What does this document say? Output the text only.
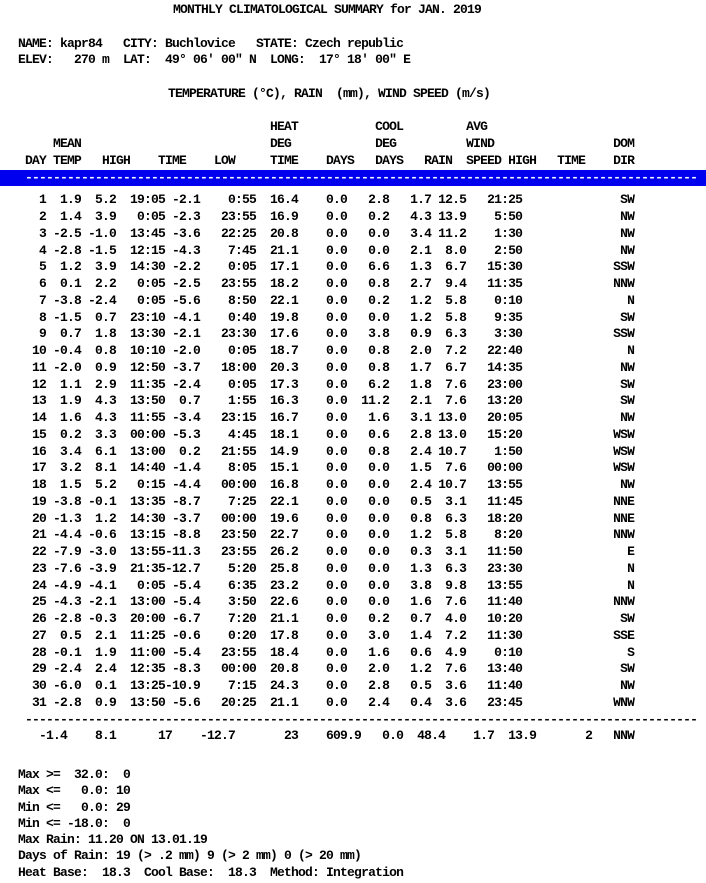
MONTHLY CLIMATOLOGICAL SUMMARY for JAN. 2019
NAME: kapr84   CITY: Buchlovice   STATE: Czech republic
ELEV:   270 m  LAT:  49° 06' 00" N  LONG:  17° 18' 00" E
TEMPERATURE (°C), RAIN  (mm), WIND SPEED (m/s)
HEAT           COOL         AVG
MEAN                           DEG            DEG          WIND                 DOM
DAY TEMP   HIGH    TIME    LOW     TIME    DAYS   DAYS   RAIN  SPEED HIGH   TIME    DIR
------------------------------------------------------------------------------------------------
1  1.9  5.2  19:05 -2.1    0:55  16.4    0.0   2.8   1.7 12.5   21:25              SW
2  1.4  3.9   0:05 -2.3   23:55  16.9    0.0   0.2   4.3 13.9    5:50              NW
3 -2.5 -1.0  13:45 -3.6   22:25  20.8    0.0   0.0   3.4 11.2    1:30              NW
4 -2.8 -1.5  12:15 -4.3    7:45  21.1    0.0   0.0   2.1  8.0    2:50              NW
5  1.2  3.9  14:30 -2.2    0:05  17.1    0.0   6.6   1.3  6.7   15:30             SSW
6  0.1  2.2   0:05 -2.5   23:55  18.2    0.0   0.8   2.7  9.4   11:35             NNW
7 -3.8 -2.4   0:05 -5.6    8:50  22.1    0.0   0.2   1.2  5.8    0:10               N
8 -1.5  0.7  23:10 -4.1    0:40  19.8    0.0   0.0   1.2  5.8    9:35              SW
9  0.7  1.8  13:30 -2.1   23:30  17.6    0.0   3.8   0.9  6.3    3:30             SSW
10 -0.4  0.8  10:10 -2.0    0:05  18.7    0.0   0.8   2.0  7.2   22:40               N
11 -2.0  0.9  12:50 -3.7   18:00  20.3    0.0   0.8   1.7  6.7   14:35              NW
12  1.1  2.9  11:35 -2.4    0:05  17.3    0.0   6.2   1.8  7.6   23:00              SW
13  1.9  4.3  13:50  0.7    1:55  16.3    0.0  11.2   2.1  7.6   13:20              SW
14  1.6  4.3  11:55 -3.4   23:15  16.7    0.0   1.6   3.1 13.0   20:05              NW
15  0.2  3.3  00:00 -5.3    4:45  18.1    0.0   0.6   2.8 13.0   15:20             WSW
16  3.4  6.1  13:00  0.2   21:55  14.9    0.0   0.8   2.4 10.7    1:50             WSW
17  3.2  8.1  14:40 -1.4    8:05  15.1    0.0   0.0   1.5  7.6   00:00             WSW
18  1.5  5.2   0:15 -4.4   00:00  16.8    0.0   0.0   2.4 10.7   13:55              NW
19 -3.8 -0.1  13:35 -8.7    7:25  22.1    0.0   0.0   0.5  3.1   11:45             NNE
20 -1.3  1.2  14:30 -3.7   00:00  19.6    0.0   0.0   0.8  6.3   18:20             NNE
21 -4.4 -0.6  13:15 -8.8   23:50  22.7    0.0   0.0   1.2  5.8    8:20             NNW
22 -7.9 -3.0  13:55-11.3   23:55  26.2    0.0   0.0   0.3  3.1   11:50               E
23 -7.6 -3.9  21:35-12.7    5:20  25.8    0.0   0.0   1.3  6.3   23:30               N
24 -4.9 -4.1   0:05 -5.4    6:35  23.2    0.0   0.0   3.8  9.8   13:55               N
25 -4.3 -2.1  13:00 -5.4    3:50  22.6    0.0   0.0   1.6  7.6   11:40             NNW
26 -2.8 -0.3  20:00 -6.7    7:20  21.1    0.0   0.2   0.7  4.0   10:20              SW
27  0.5  2.1  11:25 -0.6    0:20  17.8    0.0   3.0   1.4  7.2   11:30             SSE
28 -0.1  1.9  11:00 -5.4   23:55  18.4    0.0   1.6   0.6  4.9    0:10               S
29 -2.4  2.4  12:35 -8.3   00:00  20.8    0.0   2.0   1.2  7.6   13:40              SW
30 -6.0  0.1  13:25-10.9    7:15  24.3    0.0   2.8   0.5  3.6   11:40              NW
31 -2.8  0.9  13:50 -5.6   20:25  21.1    0.0   2.4   0.4  3.6   23:45             WNW
------------------------------------------------------------------------------------------------
-1.4    8.1      17    -12.7       23    609.9   0.0  48.4    1.7  13.9       2   NNW
Max >=  32.0:  0
Max <=   0.0: 10
Min <=   0.0: 29
Min <= -18.0:  0
Max Rain: 11.20 ON 13.01.19
Days of Rain: 19 (> .2 mm) 9 (> 2 mm) 0 (> 20 mm)
Heat Base:  18.3  Cool Base:  18.3  Method: Integration
